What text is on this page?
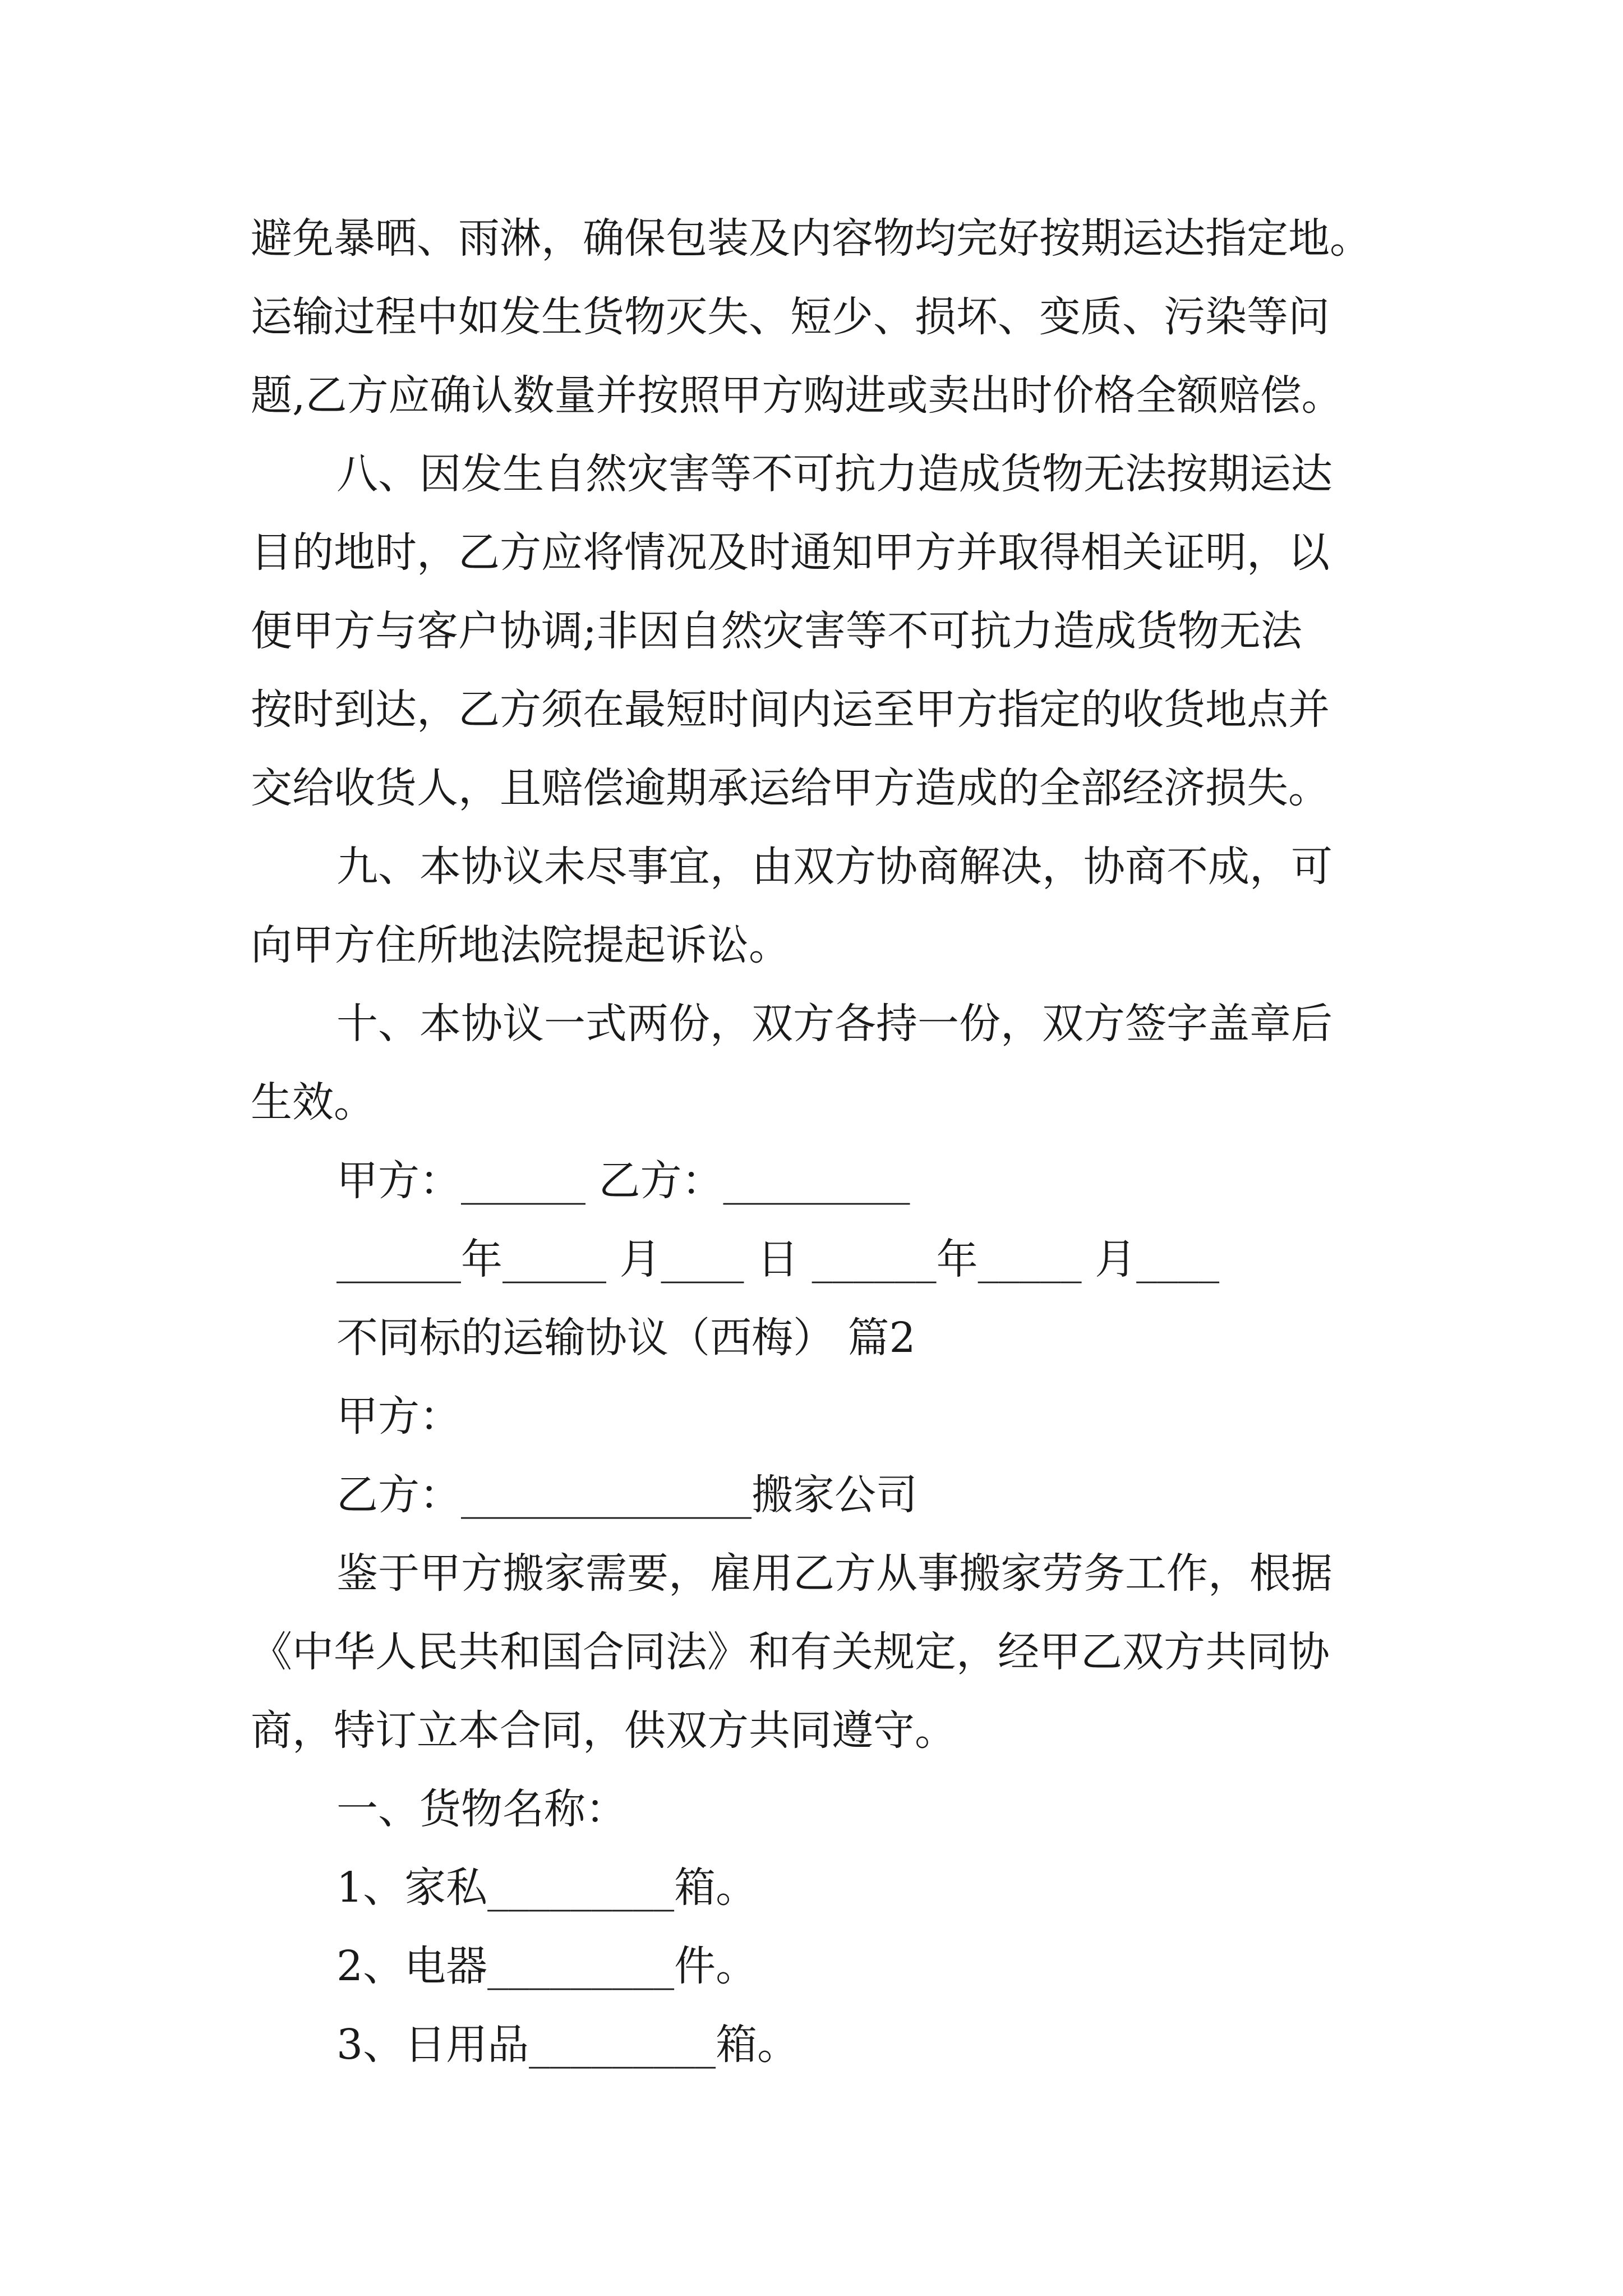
避免暴晒、雨淋，确保包装及内容物均完好按期运达指定地。
运输过程中如发生货物灭失、短少、损坏、变质、污染等问
题,乙方应确认数量并按照甲方购进或卖出时价格全额赔偿。
八、因发生自然灾害等不可抗力造成货物无法按期运达
目的地时，乙方应将情况及时通知甲方并取得相关证明，以
便甲方与客户协调;非因自然灾害等不可抗力造成货物无法
按时到达，乙方须在最短时间内运至甲方指定的收货地点并
交给收货人，且赔偿逾期承运给甲方造成的全部经济损失。
九、本协议未尽事宜，由双方协商解决，协商不成，可
向甲方住所地法院提起诉讼。
十、本协议一式两份，双方各持一份，双方签字盖章后
生效。
甲方：______ 乙方：_________
______年_____ 月____ 日 ______年_____ 月____
不同标的运输协议（西梅） 篇2
甲方：
乙方：______________搬家公司
鉴于甲方搬家需要，雇用乙方从事搬家劳务工作，根据
《中华人民共和国合同法》和有关规定，经甲乙双方共同协
商，特订立本合同，供双方共同遵守。
一、货物名称：
1、家私_________箱。
2、电器_________件。
3、日用品_________箱。
